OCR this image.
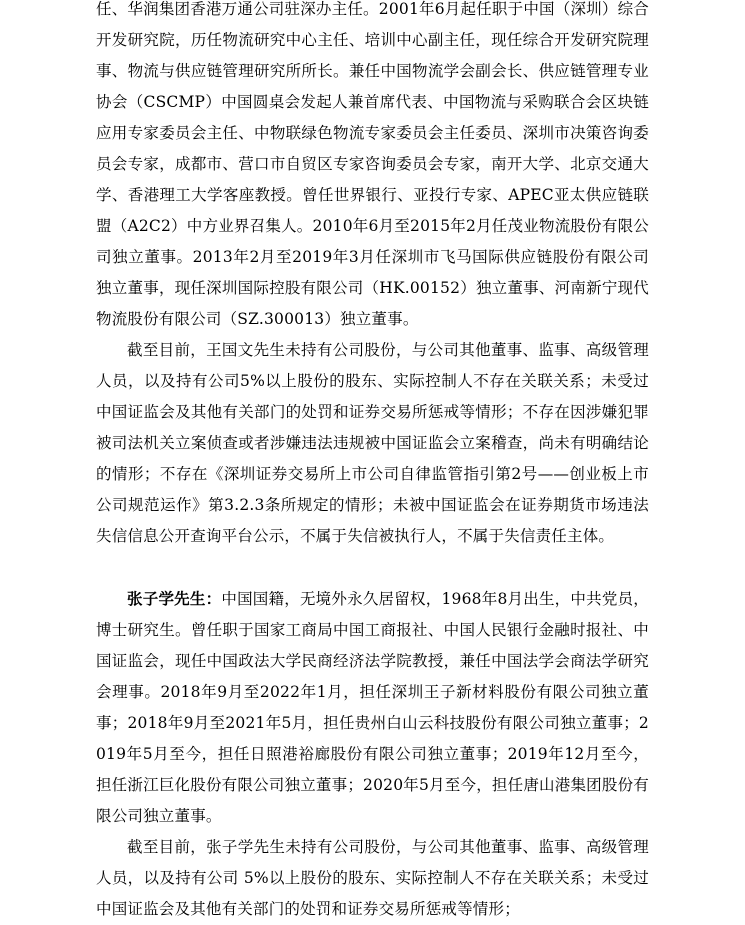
任、华润集团香港万通公司驻深办主任。2001年6月起任职于中国（深圳）综合开发研究院，历任物流研究中心主任、培训中心副主任，现任综合开发研究院理事、物流与供应链管理研究所所长。兼任中国物流学会副会长、供应链管理专业协会（CSCMP）中国圆桌会发起人兼首席代表、中国物流与采购联合会区块链应用专家委员会主任、中物联绿色物流专家委员会主任委员、深圳市决策咨询委员会专家，成都市、营口市自贸区专家咨询委员会专家，南开大学、北京交通大学、香港理工大学客座教授。曾任世界银行、亚投行专家、APEC亚太供应链联盟（A2C2）中方业界召集人。2010年6月至2015年2月任茂业物流股份有限公司独立董事。2013年2月至2019年3月任深圳市飞马国际供应链股份有限公司独立董事，现任深圳国际控股有限公司（HK.00152）独立董事、河南新宁现代物流股份有限公司（SZ.300013）独立董事。

截至目前，王国文先生未持有公司股份，与公司其他董事、监事、高级管理人员，以及持有公司5%以上股份的股东、实际控制人不存在关联关系；未受过中国证监会及其他有关部门的处罚和证券交易所惩戒等情形；不存在因涉嫌犯罪被司法机关立案侦查或者涉嫌违法违规被中国证监会立案稽查，尚未有明确结论的情形；不存在《深圳证券交易所上市公司自律监管指引第2号——创业板上市公司规范运作》第3.2.3条所规定的情形；未被中国证监会在证券期货市场违法失信信息公开查询平台公示，不属于失信被执行人，不属于失信责任主体。

张子学先生：中国国籍，无境外永久居留权，1968年8月出生，中共党员，博士研究生。曾任职于国家工商局中国工商报社、中国人民银行金融时报社、中国证监会，现任中国政法大学民商经济法学院教授，兼任中国法学会商法学研究会理事。2018年9月至2022年1月，担任深圳王子新材料股份有限公司独立董事；2018年9月至2021年5月，担任贵州白山云科技股份有限公司独立董事；2019年5月至今，担任日照港裕廊股份有限公司独立董事；2019年12月至今，担任浙江巨化股份有限公司独立董事；2020年5月至今，担任唐山港集团股份有限公司独立董事。

截至目前，张子学先生未持有公司股份，与公司其他董事、监事、高级管理人员，以及持有公司 5%以上股份的股东、实际控制人不存在关联关系；未受过中国证监会及其他有关部门的处罚和证券交易所惩戒等情形；
